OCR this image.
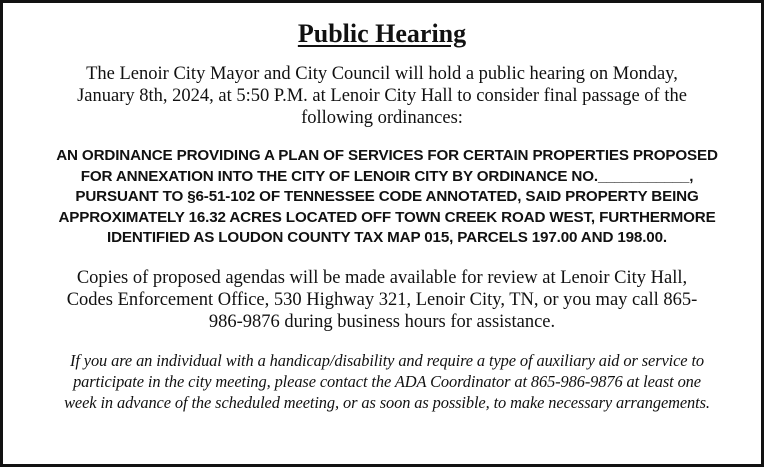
Public Hearing

The Lenoir City Mayor and City Council will hold a public hearing on Monday,
January 8th, 2024, at 5:50 P.M. at Lenoir City Hall to consider final passage of the
following ordinances:

AN ORDINANCE PROVIDING A PLAN OF SERVICES FOR CERTAIN PROPERTIES PROPOSED
FOR ANNEXATION INTO THE CITY OF LENOIR CITY BY ORDINANCE NO.___________,
PURSUANT TO §6-51-102 OF TENNESSEE CODE ANNOTATED, SAID PROPERTY BEING
APPROXIMATELY 16.32 ACRES LOCATED OFF TOWN CREEK ROAD WEST, FURTHERMORE
IDENTIFIED AS LOUDON COUNTY TAX MAP 015, PARCELS 197.00 AND 198.00.

Copies of proposed agendas will be made available for review at Lenoir City Hall,
Codes Enforcement Office, 530 Highway 321, Lenoir City, TN, or you may call 865-
986-9876 during business hours for assistance.

If you are an individual with a handicap/disability and require a type of auxiliary aid or service to
participate in the city meeting, please contact the ADA Coordinator at 865-986-9876 at least one
week in advance of the scheduled meeting, or as soon as possible, to make necessary arrangements.
